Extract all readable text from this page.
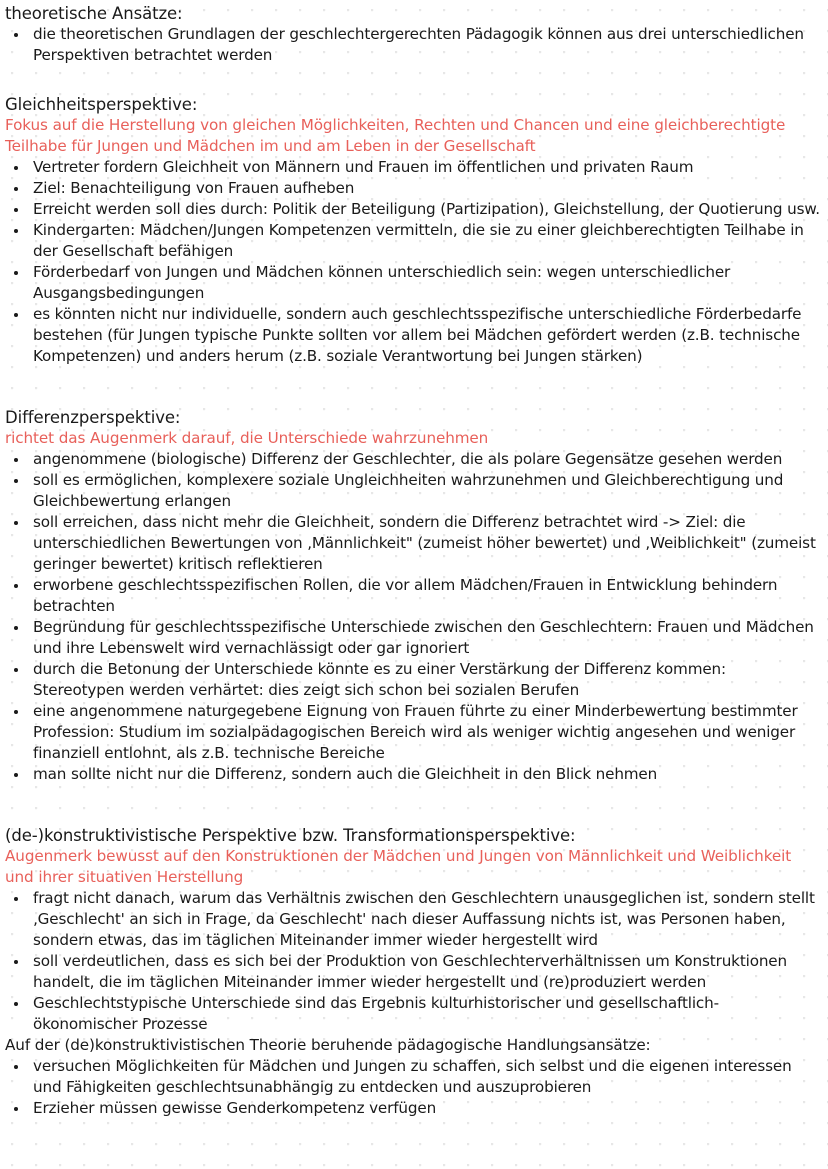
theoretische Ansätze:

die theoretischen Grundlagen der geschlechtergerechten Pädagogik können aus drei unterschiedlichen Perspektiven betrachtet werden

Gleichheitsperspektive:

Fokus auf die Herstellung von gleichen Möglichkeiten, Rechten und Chancen und eine gleichberechtigte Teilhabe für Jungen und Mädchen im und am Leben in der Gesellschaft

Vertreter fordern Gleichheit von Männern und Frauen im öffentlichen und privaten Raum
Ziel: Benachteiligung von Frauen aufheben
Erreicht werden soll dies durch: Politik der Beteiligung (Partizipation), Gleichstellung, der Quotierung usw.
Kindergarten: Mädchen/Jungen Kompetenzen vermitteln, die sie zu einer gleichberechtigten Teilhabe in der Gesellschaft befähigen
Förderbedarf von Jungen und Mädchen können unterschiedlich sein: wegen unterschiedlicher Ausgangsbedingungen
es könnten nicht nur individuelle, sondern auch geschlechtsspezifische unterschiedliche Förderbedarfe bestehen (für Jungen typische Punkte sollten vor allem bei Mädchen gefördert werden (z.B. technische Kompetenzen) und anders herum (z.B. soziale Verantwortung bei Jungen stärken)

Differenzperspektive:

richtet das Augenmerk darauf, die Unterschiede wahrzunehmen

angenommene (biologische) Differenz der Geschlechter, die als polare Gegensätze gesehen werden
soll es ermöglichen, komplexere soziale Ungleichheiten wahrzunehmen und Gleichberechtigung und Gleichbewertung erlangen
soll erreichen, dass nicht mehr die Gleichheit, sondern die Differenz betrachtet wird -> Ziel: die unterschiedlichen Bewertungen von ‚Männlichkeit" (zumeist höher bewertet) und ‚Weiblichkeit" (zumeist geringer bewertet) kritisch reflektieren
erworbene geschlechtsspezifischen Rollen, die vor allem Mädchen/Frauen in Entwicklung behindern betrachten
Begründung für geschlechtsspezifische Unterschiede zwischen den Geschlechtern: Frauen und Mädchen und ihre Lebenswelt wird vernachlässigt oder gar ignoriert
durch die Betonung der Unterschiede könnte es zu einer Verstärkung der Differenz kommen: Stereotypen werden verhärtet: dies zeigt sich schon bei sozialen Berufen
eine angenommene naturgegebene Eignung von Frauen führte zu einer Minderbewertung bestimmter Profession: Studium im sozialpädagogischen Bereich wird als weniger wichtig angesehen und weniger finanziell entlohnt, als z.B. technische Bereiche
man sollte nicht nur die Differenz, sondern auch die Gleichheit in den Blick nehmen

(de-)konstruktivistische Perspektive bzw. Transformationsperspektive:

Augenmerk bewusst auf den Konstruktionen der Mädchen und Jungen von Männlichkeit und Weiblichkeit und ihrer situativen Herstellung

fragt nicht danach, warum das Verhältnis zwischen den Geschlechtern unausgeglichen ist, sondern stellt ‚Geschlecht' an sich in Frage, da Geschlecht' nach dieser Auffassung nichts ist, was Personen haben, sondern etwas, das im täglichen Miteinander immer wieder hergestellt wird
soll verdeutlichen, dass es sich bei der Produktion von Geschlechterverhältnissen um Konstruktionen handelt, die im täglichen Miteinander immer wieder hergestellt und (re)produziert werden
Geschlechtstypische Unterschiede sind das Ergebnis kulturhistorischer und gesellschaftlich-ökonomischer Prozesse

Auf der (de)konstruktivistischen Theorie beruhende pädagogische Handlungsansätze:

versuchen Möglichkeiten für Mädchen und Jungen zu schaffen, sich selbst und die eigenen interessen und Fähigkeiten geschlechtsunabhängig zu entdecken und auszuprobieren
Erzieher müssen gewisse Genderkompetenz verfügen
